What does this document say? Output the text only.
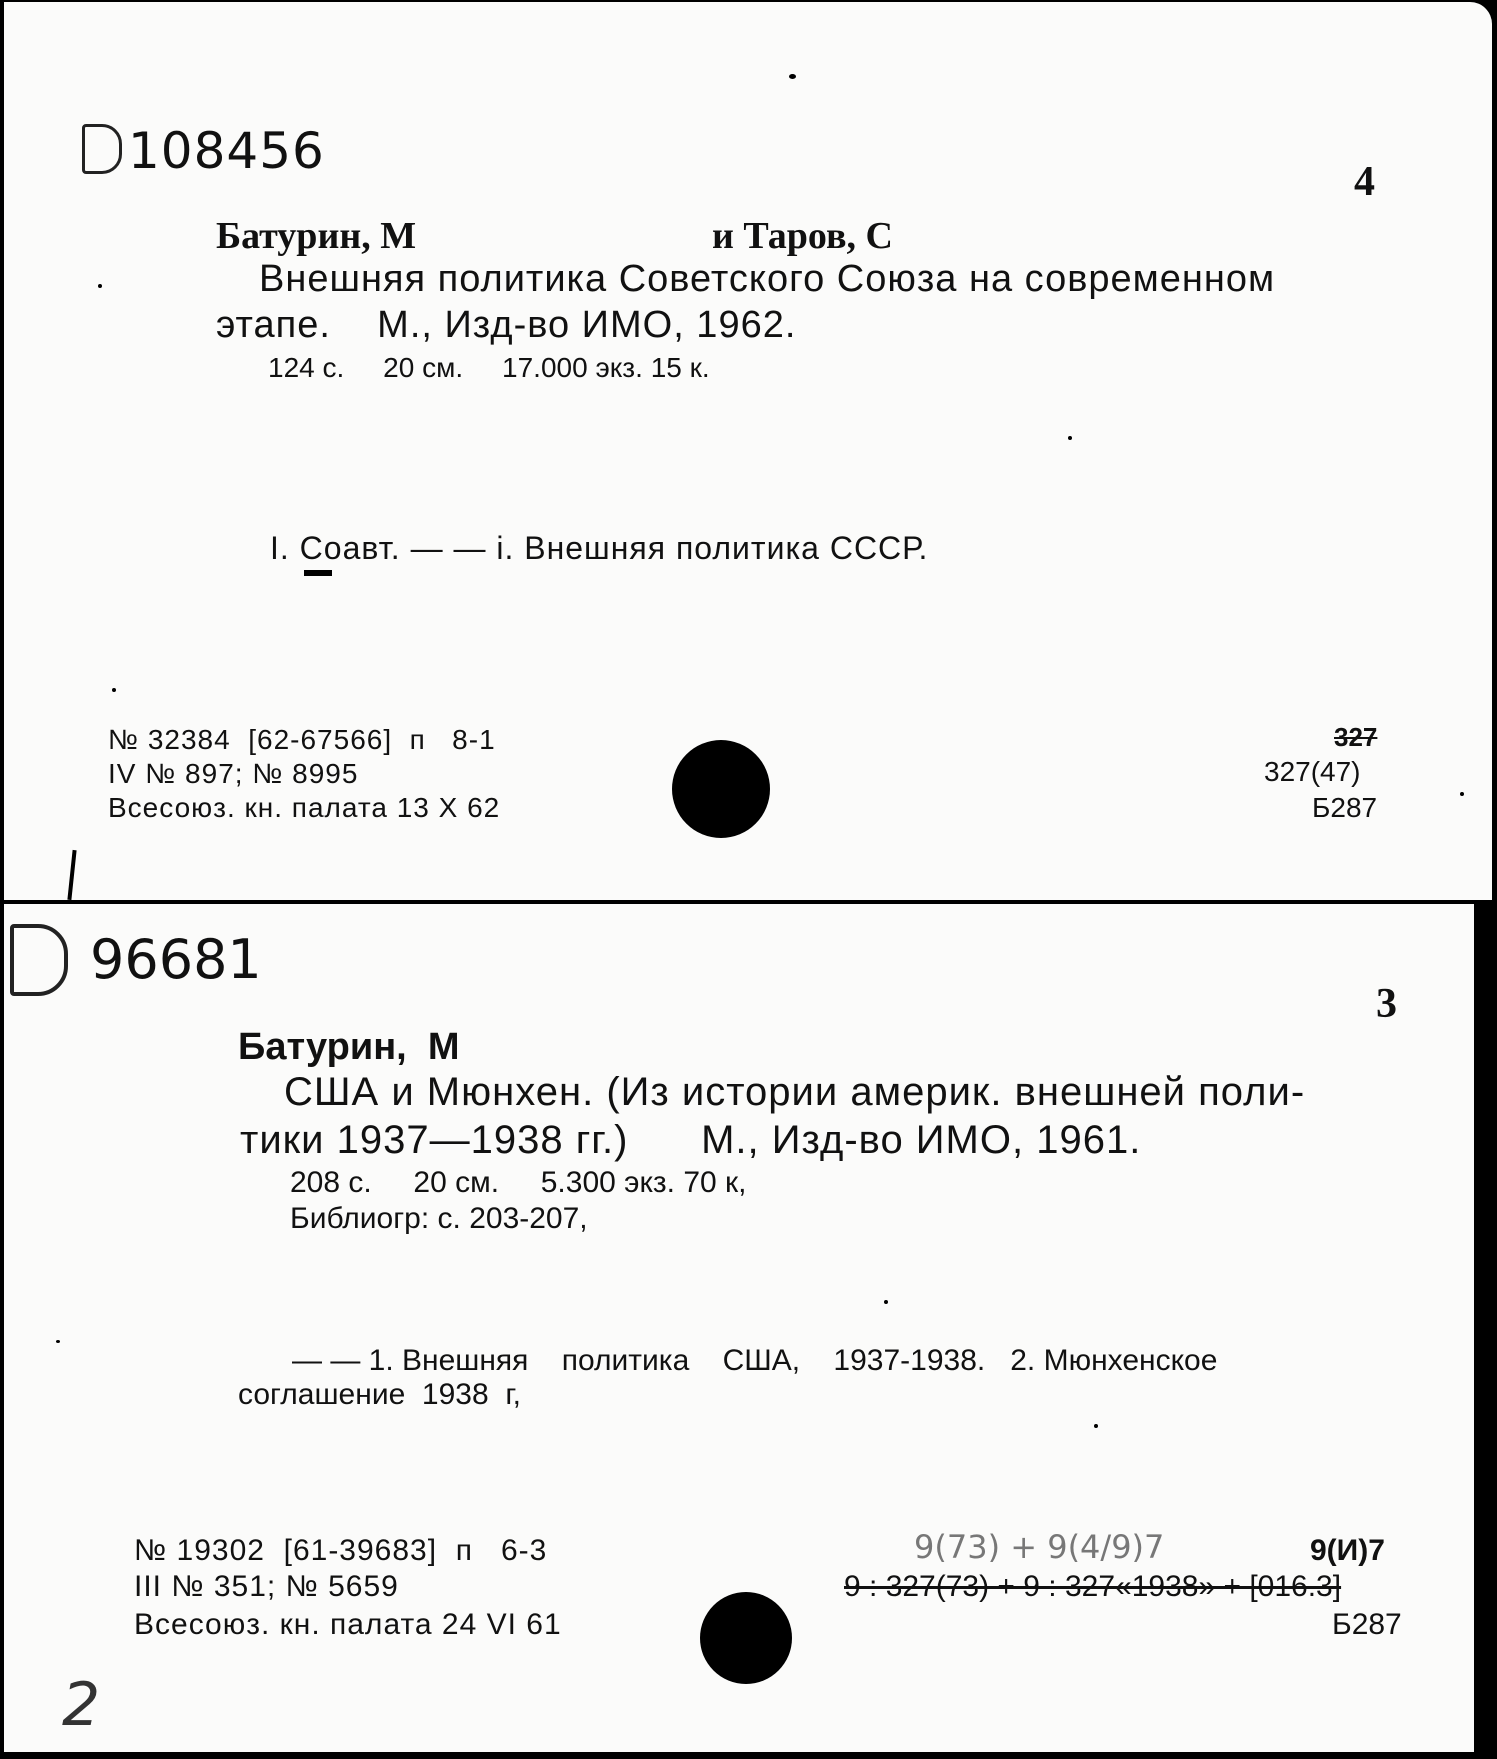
108456
4
Батурин, М	и Таров, С
Внешняя политика Советского Союза на современном
этапе.    М., Изд-во ИМО, 1962.
124 с.     20 см.     17.000 экз. 15 к.
I. Соавт. — — i. Внешняя политика СССР.
№ 32384  [62-67566]  п   8-1
IV № 897; № 8995
Всесоюз. кн. палата 13 X 62
327
327(47)
Б287
96681
3
Батурин,  М
США и Мюнхен. (Из истории америк. внешней поли-
тики 1937—1938 гг.)      М., Изд-во ИМО, 1961.
208 с.     20 см.     5.300 экз. 70 к,
Библиогр: с. 203-207,
— — 1. Внешняя    политика    США,    1937-1938.   2. Мюнхенское
соглашение  1938  г,
№ 19302  [61-39683]  п   6-3
III № 351; № 5659
Всесоюз. кн. палата 24 VI 61
9(73) + 9(4/9)7	9(И)7
9 : 327(73) + 9 : 327«1938» + [016.3]
Б287
2
